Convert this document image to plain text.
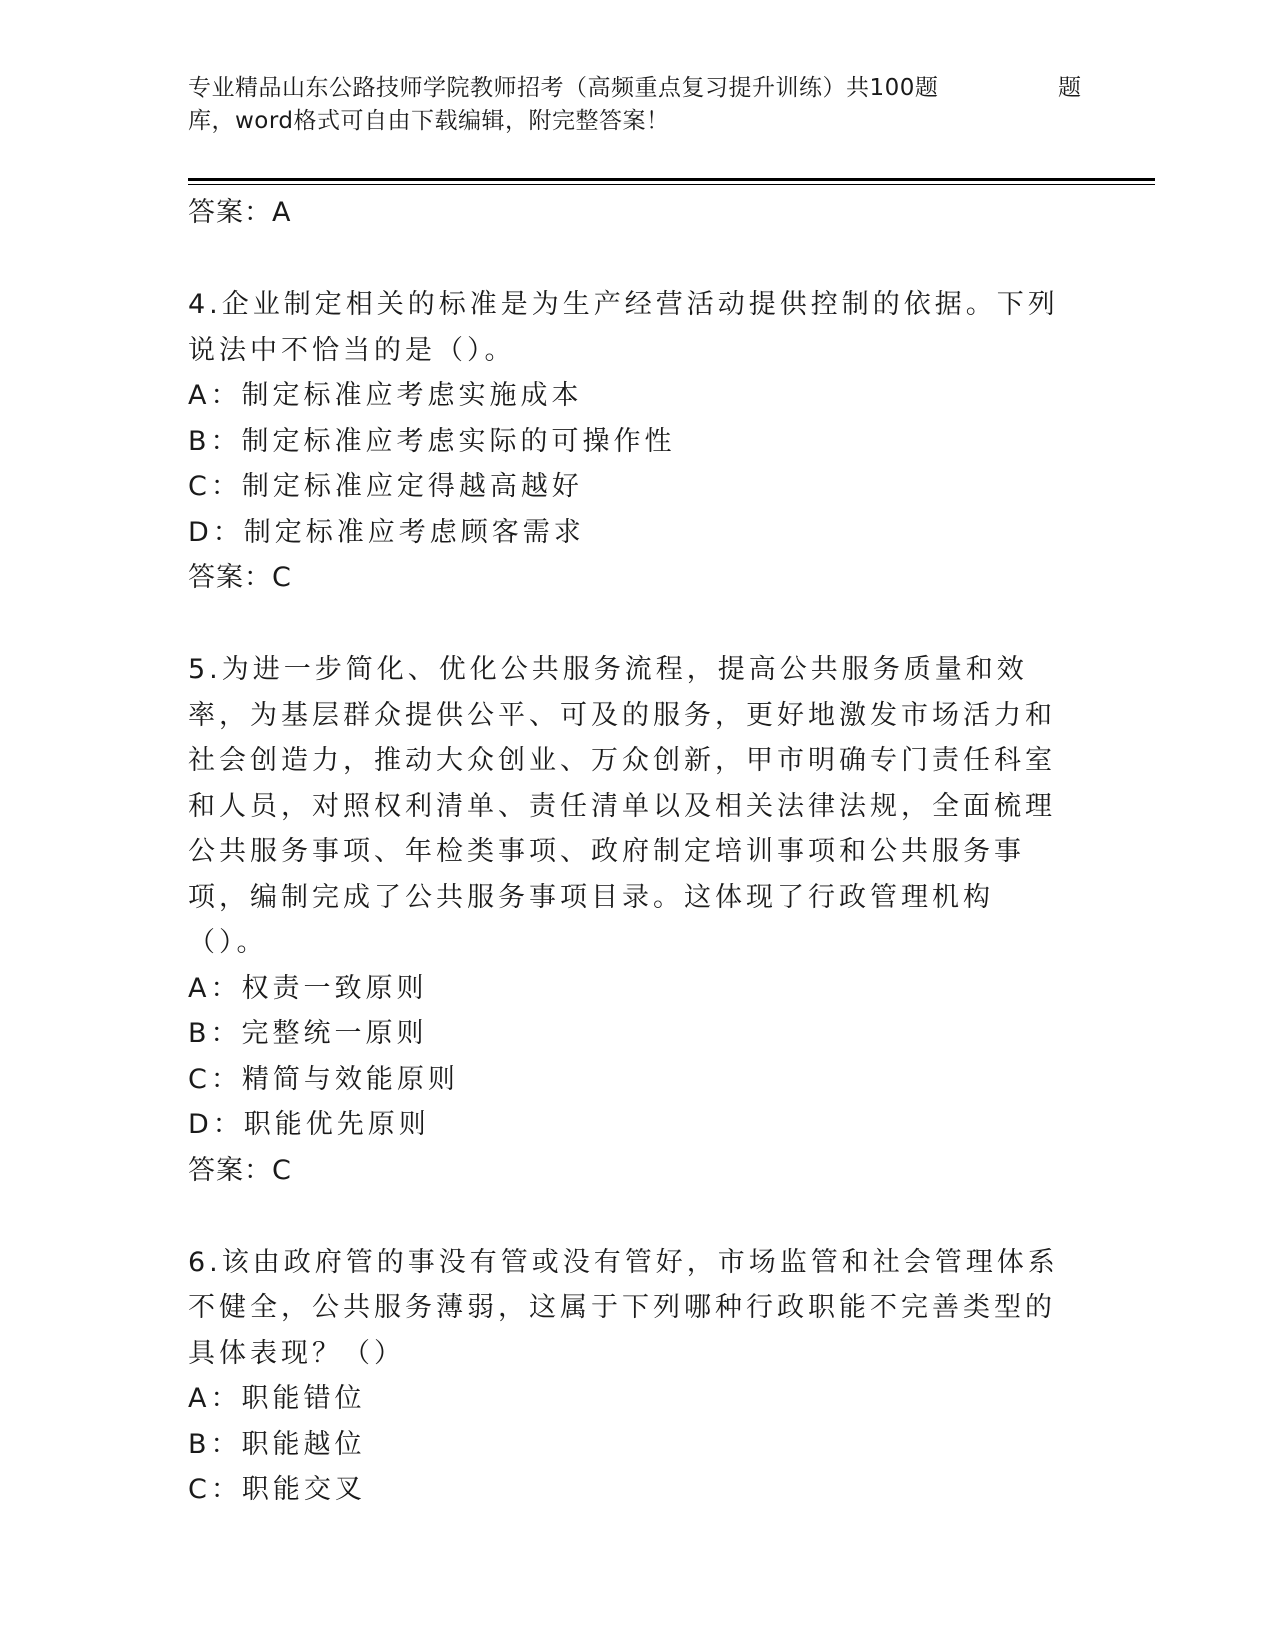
专业精品山东公路技师学院教师招考（高频重点复习提升训练）共100题	题
库，word格式可自由下载编辑，附完整答案！
答案：A
4.企业制定相关的标准是为生产经营活动提供控制的依据。下列说法中不恰当的是（）。
A：制定标准应考虑实施成本
B：制定标准应考虑实际的可操作性
C：制定标准应定得越高越好
D：制定标准应考虑顾客需求
答案：C
5.为进一步简化、优化公共服务流程，提高公共服务质量和效率，为基层群众提供公平、可及的服务，更好地激发市场活力和社会创造力，推动大众创业、万众创新，甲市明确专门责任科室和人员，对照权利清单、责任清单以及相关法律法规，全面梳理公共服务事项、年检类事项、政府制定培训事项和公共服务事项，编制完成了公共服务事项目录。这体现了行政管理机构（）。
A：权责一致原则
B：完整统一原则
C：精简与效能原则
D：职能优先原则
答案：C
6.该由政府管的事没有管或没有管好，市场监管和社会管理体系不健全，公共服务薄弱，这属于下列哪种行政职能不完善类型的具体表现？（）
A：职能错位
B：职能越位
C：职能交叉
